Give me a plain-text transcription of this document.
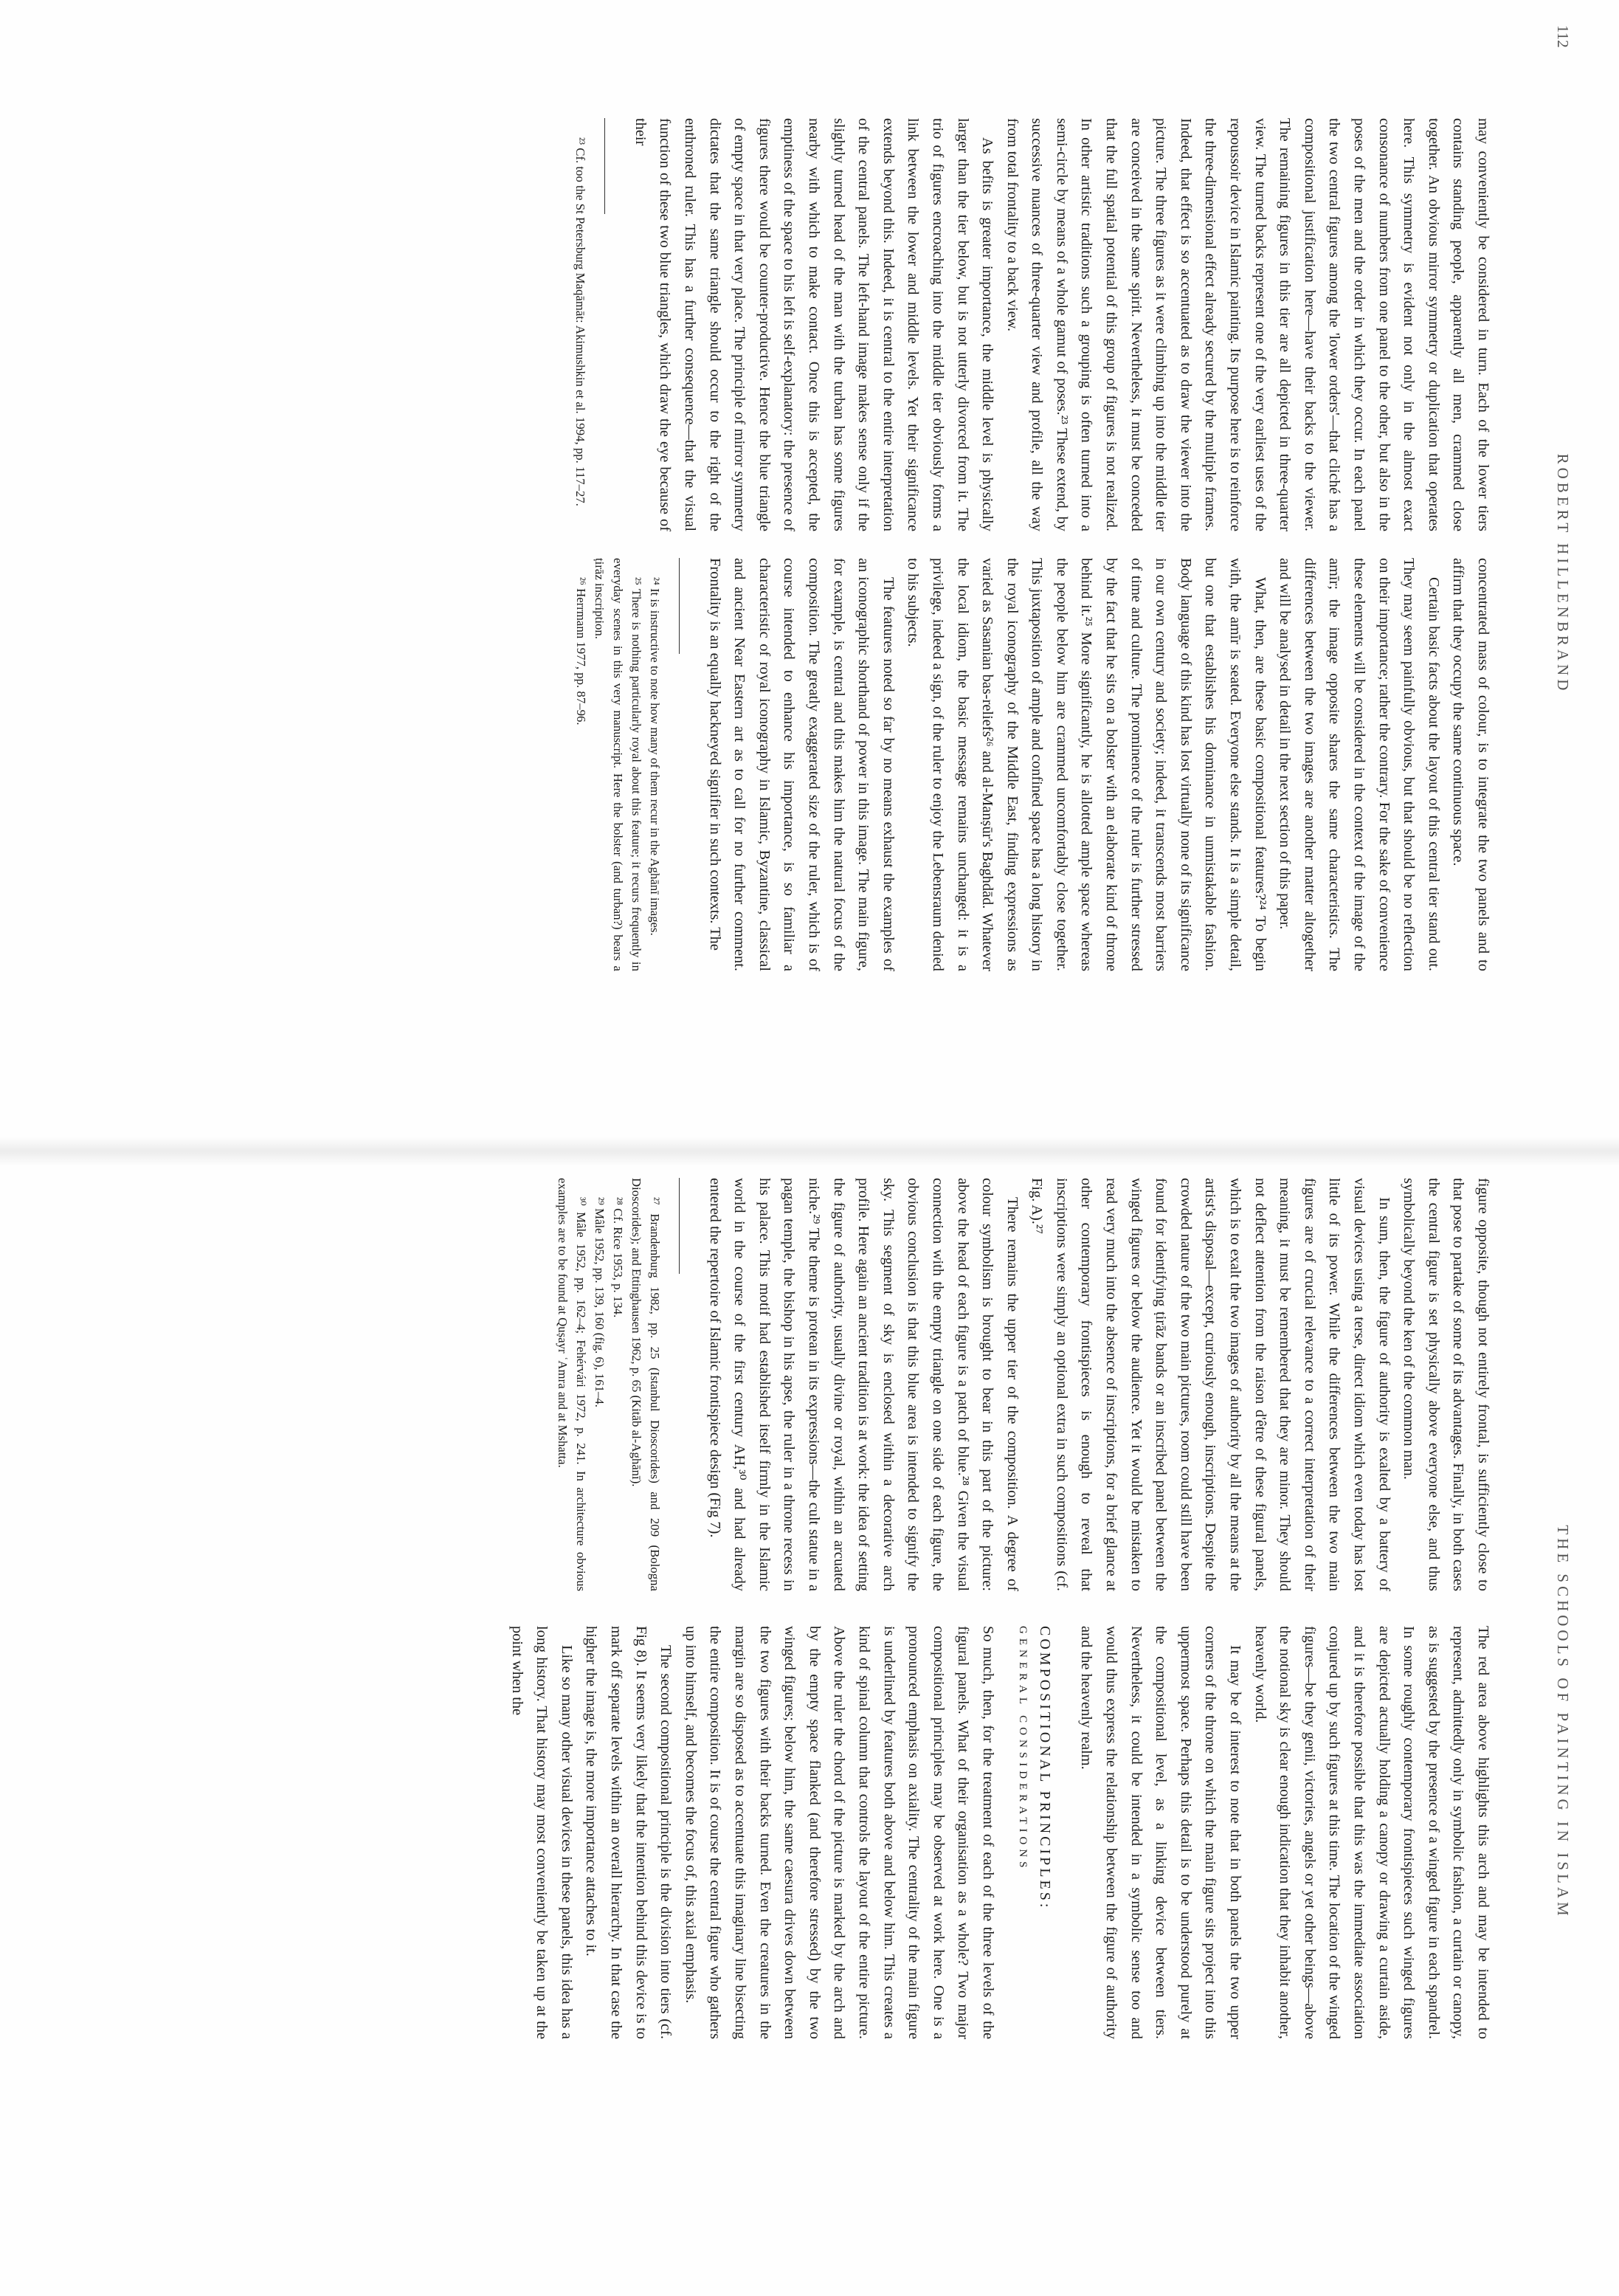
112
ROBERT HILLENBRAND

may conveniently be considered in turn. Each of the lower tiers contains standing people, apparently all men, crammed close together. An obvious mirror symmetry or duplication that operates here. This symmetry is evident not only in the almost exact consonance of numbers from one panel to the other, but also in the poses of the men and the order in which they occur. In each panel the two central figures among the 'lower orders'—that cliché has a compositional justification here—have their backs to the viewer. The remaining figures in this tier are all depicted in three-quarter view. The turned backs represent one of the very earliest uses of the repoussoir device in Islamic painting. Its purpose here is to reinforce the three-dimensional effect already secured by the multiple frames. Indeed, that effect is so accentuated as to draw the viewer into the picture. The three figures as it were climbing up into the middle tier are conceived in the same spirit. Nevertheless, it must be conceded that the full spatial potential of this group of figures is not realized. In other artistic traditions such a grouping is often turned into a semi-circle by means of a whole gamut of poses.²³ These extend, by successive nuances of three-quarter view and profile, all the way from total frontality to a back view.

As befits is greater importance, the middle level is physically larger than the tier below, but is not utterly divorced from it. The trio of figures encroaching into the middle tier obviously forms a link between the lower and middle levels. Yet their significance extends beyond this. Indeed, it is central to the entire interpretation of the central panels. The left-hand image makes sense only if the slightly turned head of the man with the turban has some figures nearby with which to make contact. Once this is accepted, the emptiness of the space to his left is self-explanatory: the presence of figures there would be counter-productive. Hence the blue triangle of empty space in that very place. The principle of mirror symmetry dictates that the same triangle should occur to the right of the enthroned ruler. This has a further consequence—that the visual function of these two blue triangles, which draw the eye because of their

²³ Cf. too the St Petersburg Maqāmāt: Akimushkin et al. 1994, pp. 117–27.

concentrated mass of colour, is to integrate the two panels and to affirm that they occupy the same continuous space.

Certain basic facts about the layout of this central tier stand out. They may seem painfully obvious, but that should be no reflection on their importance; rather the contrary. For the sake of convenience these elements will be considered in the context of the image of the amīr; the image opposite shares the same characteristics. The differences between the two images are another matter altogether and will be analysed in detail in the next section of this paper.

What, then, are these basic compositional features?²⁴ To begin with, the amīr is seated. Everyone else stands. It is a simple detail, but one that establishes his dominance in unmistakable fashion. Body language of this kind has lost virtually none of its significance in our own century and society; indeed, it transcends most barriers of time and culture. The prominence of the ruler is further stressed by the fact that he sits on a bolster with an elaborate kind of throne behind it.²⁵ More significantly, he is allotted ample space whereas the people below him are crammed uncomfortably close together. This juxtaposition of ample and confined space has a long history in the royal iconography of the Middle East, finding expressions as varied as Sasanian bas-reliefs²⁶ and al-Manṣūr's Baghdād. Whatever the local idiom, the basic message remains unchanged: it is a privilege, indeed a sign, of the ruler to enjoy the Lebensraum denied to his subjects.

The features noted so far by no means exhaust the examples of an iconographic shorthand of power in this image. The main figure, for example, is central and this makes him the natural focus of the composition. The greatly exaggerated size of the ruler, which is of course intended to enhance his importance, is so familiar a characteristic of royal iconography in Islamic, Byzantine, classical and ancient Near Eastern art as to call for no further comment. Frontality is an equally hackneyed signifier in such contexts. The

²⁴ It is instructive to note how many of them recur in the Aghānī images.

²⁵ There is nothing particularly royal about this feature; it recurs frequently in everyday scenes in this very manuscript. Here the bolster (and turban?) bears a ṭirāz inscription.

²⁶ Herrmann 1977, pp. 87–96.

THE SCHOOLS OF PAINTING IN ISLAM

figure opposite, though not entirely frontal, is sufficiently close to that pose to partake of some of its advantages. Finally, in both cases the central figure is set physically above everyone else, and thus symbolically beyond the ken of the common man.

In sum, then, the figure of authority is exalted by a battery of visual devices using a terse, direct idiom which even today has lost little of its power. While the differences between the two main figures are of crucial relevance to a correct interpretation of their meaning, it must be remembered that they are minor. They should not deflect attention from the raison d'être of these figural panels, which is to exalt the two images of authority by all the means at the artist's disposal—except, curiously enough, inscriptions. Despite the crowded nature of the two main pictures, room could still have been found for identifying ṭirāz bands or an inscribed panel between the winged figures or below the audience. Yet it would be mistaken to read very much into the absence of inscriptions, for a brief glance at other contemporary frontispieces is enough to reveal that inscriptions were simply an optional extra in such compositions (cf. Fig. A).²⁷

There remains the upper tier of the composition. A degree of colour symbolism is brought to bear in this part of the picture: above the head of each figure is a patch of blue.²⁸ Given the visual connection with the empty triangle on one side of each figure, the obvious conclusion is that this blue area is intended to signify the sky. This segment of sky is enclosed within a decorative arch profile. Here again an ancient tradition is at work: the idea of setting the figure of authority, usually divine or royal, within an arcuated niche.²⁹ The theme is protean in its expressions—the cult statue in a pagan temple, the bishop in his apse, the ruler in a throne recess in his palace. This motif had established itself firmly in the Islamic world in the course of the first century AH,³⁰ and had already entered the repertoire of Islamic frontispiece design (Fig 7).

²⁷ Brandenburg 1982, pp. 25 (Istanbul Dioscorides) and 209 (Bologna Dioscorides); and Ettinghausen 1962, p. 65 (Kitāb al-Aghānī).

²⁸ Cf. Rice 1953, p. 134.

²⁹ Mâle 1952, pp. 139, 160 (fig. 6), 161–4.

³⁰ Mâle 1952, pp. 162–4; Fehérvári 1972, p. 241. In architecture obvious examples are to be found at Quṣayr ʿAmra and at Mshatta.

The red area above highlights this arch and may be intended to represent, admittedly only in symbolic fashion, a curtain or canopy, as is suggested by the presence of a winged figure in each spandrel. In some roughly contemporary frontispieces such winged figures are depicted actually holding a canopy or drawing a curtain aside, and it is therefore possible that this was the immediate association conjured up by such figures at this time. The location of the winged figures—be they genii, victories, angels or yet other beings—above the notional sky is clear enough indication that they inhabit another, heavenly world.

It may be of interest to note that in both panels the two upper corners of the throne on which the main figure sits project into this uppermost space. Perhaps this detail is to be understood purely at the compositional level, as a linking device between tiers. Nevertheless, it could be intended in a symbolic sense too and would thus express the relationship between the figure of authority and the heavenly realm.

COMPOSITIONAL PRINCIPLES:
GENERAL CONSIDERATIONS

So much, then, for the treatment of each of the three levels of the figural panels. What of their organisation as a whole? Two major compositional principles may be observed at work here. One is a pronounced emphasis on axiality. The centrality of the main figure is underlined by features both above and below him. This creates a kind of spinal column that controls the layout of the entire picture. Above the ruler the chord of the picture is marked by the arch and by the empty space flanked (and therefore stressed) by the two winged figures; below him, the same caesura drives down between the two figures with their backs turned. Even the creatures in the margin are so disposed as to accentuate this imaginary line bisecting the entire composition. It is of course the central figure who gathers up into himself, and becomes the focus of, this axial emphasis.

The second compositional principle is the division into tiers (cf. Fig 8). It seems very likely that the intention behind this device is to mark off separate levels within an overall hierarchy. In that case the higher the image is, the more importance attaches to it.

Like so many other visual devices in these panels, this idea has a long history. That history may most conveniently be taken up at the point when the
